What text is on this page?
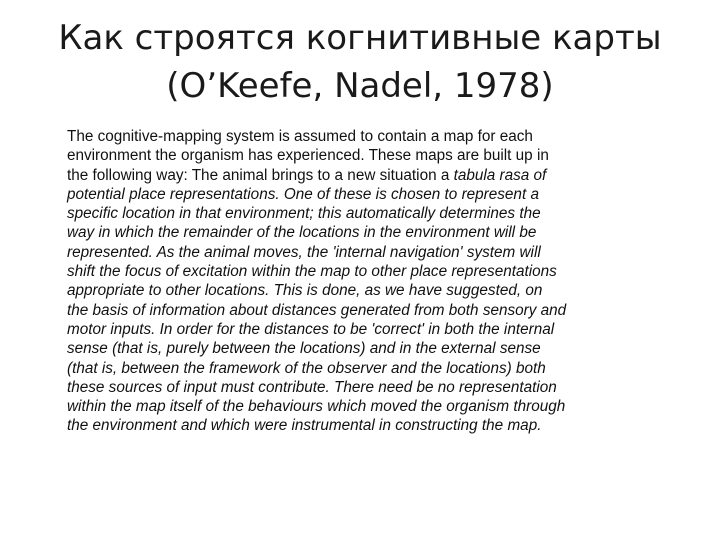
Как строятся когнитивные карты
(O’Keefe, Nadel, 1978)
The cognitive-mapping system is assumed to contain a map for each
environment the organism has experienced. These maps are built up in
the following way: The animal brings to a new situation a tabula rasa of
potential place representations. One of these is chosen to represent a
specific location in that environment; this automatically determines the
way in which the remainder of the locations in the environment will be
represented. As the animal moves, the 'internal navigation' system will
shift the focus of excitation within the map to other place representations
appropriate to other locations. This is done, as we have suggested, on
the basis of information about distances generated from both sensory and
motor inputs. In order for the distances to be 'correct' in both the internal
sense (that is, purely between the locations) and in the external sense
(that is, between the framework of the observer and the locations) both
these sources of input must contribute. There need be no representation
within the map itself of the behaviours which moved the organism through
the environment and which were instrumental in constructing the map.
